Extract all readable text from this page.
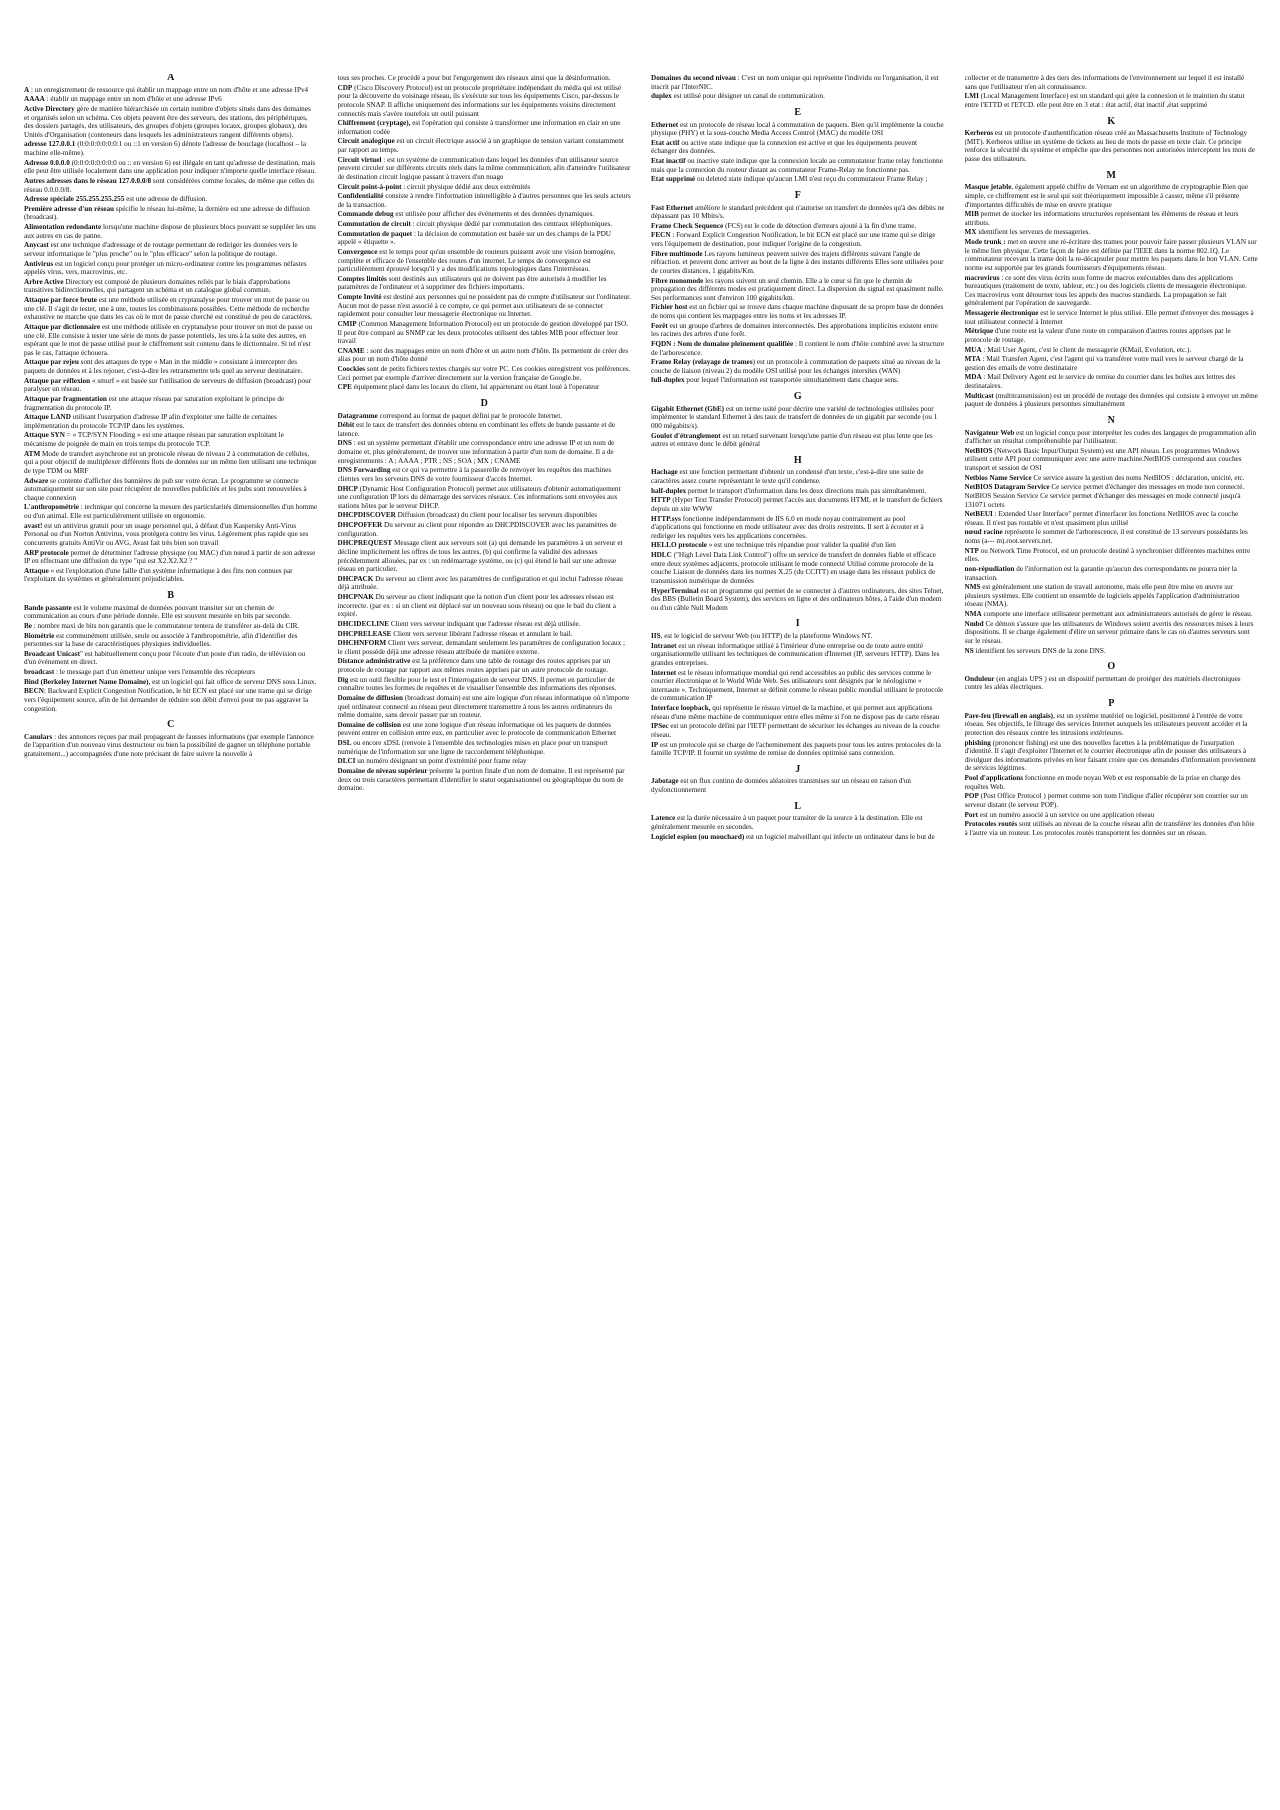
A
A : un enregistrement de ressource qui établir un mappage entre un nom d'hôte et une adresse IPv4
AAAA : établir un mappage entre un nom d'hôte et une adresse IPv6
Active Directory gère de manière hiérarchisée un certain nombre d'objets situés dans des domaines et organisés selon un schéma. Ces objets peuvent être des serveurs, des stations, des périphériques, des dossiers partagés, des utilisateurs, des groupes d'objets (groupes locaux, groupes globaux), des Unités d'Organisation (conteneurs dans lesquels les administrateurs rangent différents objets).
adresse 127.0.0.1 (0:0:0:0:0:0:0:1 ou ::1 en version 6) dénote l'adresse de bouclage (localhost – la machine elle-même).
Adresse 0.0.0.0 (0:0:0:0:0:0:0:0 ou :: en version 6) est illégale en tant qu'adresse de destination, mais elle peut être utilisée localement dans une application pour indiquer n'importe quelle interface réseau.
Autres adresses dans le réseau 127.0.0.0/8 sont considérées comme locales, de même que celles du réseau 0.0.0.0/8.
Adresse spéciale 255.255.255.255 est une adresse de diffusion.
Première adresse d'un réseau spécifie le réseau lui-même, la dernière est une adresse de diffusion (broadcast).
Alimentation redondante lorsqu'une machine dispose de plusieurs blocs pouvant se suppléer les uns aux autres en cas de panne.
Anycast est une technique d'adressage et de routage permettant de rediriger les données vers le serveur informatique le "plus proche" ou le "plus efficace" selon la politique de routage.
Antivirus est un logiciel conçu pour protéger un micro-ordinateur contre les programmes néfastes appelés virus, vers, macrovirus, etc.
Arbre Active Directory est composé de plusieurs domaines reliés par le biais d'approbations transitives bidirectionnelles, qui partagent un schéma et un catalogue global commun.
Attaque par force brute est une méthode utilisée en cryptanalyse pour trouver un mot de passe ou une clé. Il s'agit de tester, une à une, toutes les combinaisons possibles. Cette méthode de recherche exhaustive ne marche que dans les cas où le mot de passe cherché est constitué de peu de caractères.
Attaque par dictionnaire est une méthode utilisée en cryptanalyse pour trouver un mot de passe ou une clé. Elle consiste à tester une série de mots de passe potentiels, les uns à la suite des autres, en espérant que le mot de passe utilisé pour le chiffrement soit contenu dans le dictionnaire. Si tel n'est pas le cas, l'attaque échouera.
Attaque par rejeu sont des attaques de type « Man in the middle » consistant à intercepter des paquets de données et à les rejouer, c'est-à-dire les retransmettre tels quel au serveur destinataire.
Attaque par réflexion « smurf » est basée sur l'utilisation de serveurs de diffusion (broadcast) pour paralyser un réseau.
Attaque par fragmentation est une attaque réseau par saturation exploitant le principe de fragmentation du protocole IP.
Attaque LAND utilisant l'usurpation d'adresse IP afin d'exploiter une faille de certaines implémentation du protocole TCP/IP dans les systèmes.
Attaque SYN = « TCP/SYN Flooding » est une attaque réseau par saturation exploitant le mécanisme de poignée de main en trois temps du protocole TCP.
ATM Mode de transfert asynchrone est un protocole réseau de niveau 2 à commutation de cellules, qui a pour objectif de multiplexer différents flots de données sur un même lien utilisant une technique de type TDM ou MRF
Adware se contente d'afficher des bannières de pub sur votre écran. Le programme se connecte automatiquement sur son site pour récupérer de nouvelles publicités et les pubs sont renouvelées à chaque connexion
L'anthropométrie : technique qui concerne la mesure des particularités dimensionnelles d'un homme ou d'un animal. Elle est particulièrement utilisée en ergonomie.
avast! est un antivirus gratuit pour un usage personnel qui, à défaut d'un Kaspersky Anti-Virus Personal ou d'un Norton Antivirus, vous protégera contre les virus. Légèrement plus rapide que ses concurrents gratuits AntiVir ou AVG, Avast fait très bien son travail
ARP protocole permet de déterminer l'adresse physique (ou MAC) d'un nœud à partir de son adresse IP en effectuant une diffusion du type "qui est X2.X2.X2 ? "
Attaque « est l'exploitation d'une faille d'un système informatique à des fins non connues par l'exploitant du systèmes et généralement préjudiciables.
B
Bande passante est le volume maximal de données pouvant transiter sur un chemin de communication au cours d'une période donnée. Elle est souvent mesurée en bits par seconde.
Be : nombre maxi de bits non garantis que le commutateur tentera de transférer au-delà du CIR.
Biométrie est communément utilisée, seule ou associée à l'anthropométrie, afin d'identifier des personnes sur la base de caractéristiques physiques individuelles.
Broadcast Unicast" est habituellement conçu pour l'écoute d'un poste d'un radio, de télévision ou d'un événement en direct.
broadcast : le message part d'un émetteur unique vers l'ensemble des récepteurs
Bind (Berkeley Internet Name Domaine), est un logiciel qui fait office de serveur DNS sous Linux.
BECN: Backward Explicit Congestion Notification, le bit ECN est placé sur une trame qui se dirige vers l'équipement source, afin de lui demander de réduire son débit d'envoi pour ne pas aggraver la congestion.
C
Canulars : des annonces reçues par mail propageant de fausses informations (par exemple l'annonce de l'apparition d'un nouveau virus destructeur ou bien la possibilité de gagner un téléphone portable gratuitement...) accompagnées d'une note précisant de faire suivre la nouvelle à
tous ses proches. Ce procédé a pour but l'engorgement des réseaux ainsi que la désinformation.
CDP (Cisco Discovery Protocol) est un protocole propriétaire indépendant du média qui est utilisé pour la découverte du voisinage réseau, ils s'exécute sur tous les équipements Cisco, par-dessus le protocole SNAP. Il affiche uniquement des informations sur les équipements voisins directement connectés mais s'avère toutefois un outil puissant
Chiffrement (cryptage), est l'opération qui consiste à transformer une information en clair en une information codée
Circuit analogique est un circuit électrique associé à un graphique de tension variant constamment par rapport au temps.
Circuit virtuel : est un système de communication dans lequel les données d'un utilisateur source peuvent circuler sur différents circuits réels dans la même communication, afin d'atteindre l'utilisateur de destination circuit logique passant à travers d'un nuage
Circuit point-à-point : circuit physique dédié aux deux extrémités
Confidentialité consiste à rendre l'information inintelligible à d'autres personnes que les seuls acteurs de la transaction.
Commande debug est utilisée pour afficher des événements et des données dynamiques.
Commutation de circuit : circuit physique dédié par commutation des centraux téléphoniques.
Commutation de paquet : la décision de commutation est basée sur un des champs de la PDU appelé « étiquette ».
Convergence est le temps pour qu'un ensemble de routeurs puissent avoir une vision homogène, complète et efficace de l'ensemble des routes d'un internet. Le temps de convergence est particulièrement éprouvé lorsqu'il y a des modifications topologiques dans l'interréseau.
Comptes limités sont destinés aux utilisateurs qui ne doivent pas être autorisés à modifier les paramètres de l'ordinateur et à supprimer des fichiers importants.
Compte Invité est destiné aux personnes qui ne possèdent pas de compte d'utilisateur sur l'ordinateur. Aucun mot de passe n'est associé à ce compte, ce qui permet aux utilisateurs de se connecter rapidement pour consulter leur messagerie électronique ou Internet.
CMIP (Common Management Information Protocol) est un protocole de gestion développé par ISO. Il peut être comparé au SNMP car les deux protocoles utilisent des tables MIB pour effectuer leur travail
CNAME : sont des mappages entre un nom d'hôte et un autre nom d'hôte. Ils permettent de créer des alias pour un nom d'hôte donné
Coockies sont de petits fichiers textes chargés sur votre PC. Ces cookies enregistrent vos préférences. Ceci permet par exemple d'arriver directement sur la version française de Google.be.
CPE équipement placé dans les locaux du client, lui appartenant ou étant loué à l'operateur
D
Datagramme correspond au format de paquet défini par le protocole Internet.
Débit est le taux de transfert des données obtenu en combinant les effets de bande passante et de latence.
DNS : est un système permettant d'établir une correspondance entre une adresse IP et un nom de domaine et, plus généralement, de trouver une information à partir d'un nom de domaine. Il a de enregistrements : A ; AAAA ; PTR ; NS ; SOA ; MX ; CNAME
DNS Forwarding est ce qui va permettre à la passerelle de renvoyer les requêtes des machines clientes vers les serveurs DNS de votre fournisseur d'accès Internet.
DHCP (Dynamic Host Configuration Protocol) permet aux utilisateurs d'obtenir automatiquement une configuration IP lors du démarrage des services réseaux. Ces informations sont envoyées aux stations hôtes par le serveur DHCP.
DHCPDISCOVER Diffusion (broadcast) du client pour localiser les serveurs disponibles
DHCPOFFER Du serveur au client pour répondre au DHCPDISCOVER avec les paramètres de configuration.
DHCPREQUEST Message client aux serveurs soit (a) qui demande les paramètres à un serveur et décline implicitement les offres de tous les autres, (b) qui confirme la validité des adresses précédemment allouées, par ex : un redémarrage système, ou (c) qui étend le bail sur une adresse réseau en particulier.
DHCPACK Du serveur au client avec les paramètres de configuration et qui inclut l'adresse réseau déjà attribuée.
DHCPNAK Du serveur au client indiquant que la notion d'un client pour les adresses réseau est incorrecte. (par ex : si un client est déplacé sur un nouveau sous réseau) ou que le bail du client a expiré.
DHCIDECLINE Client vers serveur indiquant que l'adresse réseau est déjà utilisée.
DHCPRELEASE Client vers serveur libérant l'adresse réseau et annulant le bail.
DHCHNFORM Client vers serveur, demandant seulement les paramètres de configuration locaux ; le client possède déjà une adresse réseau attribuée de manière externe.
Distance administrative est la préférence dans une table de routage des routes apprises par un protocole de routage par rapport aux mêmes routes apprises par un autre protocole de routage.
Dig est un outil flexible pour le test et l'interrogation de serveur DNS. Il permet en particulier de connaître toutes les formes de requêtes et de visualiser l'ensemble des informations des réponses.
Domaine de diffusion (broadcast domain) est une aire logique d'un réseau informatique où n'importe quel ordinateur connecté au réseau peut directement transmettre à tous les autres ordinateurs du même domaine, sans devoir passer par un routeur.
Domaine de collision est une zone logique d'un réseau informatique où les paquets de données peuvent entrer en collision entre eux, en particulier avec le protocole de communication Ethernet
DSL ou encore xDSL (renvoie à l'ensemble des technologies mises en place pour un transport numérique de l'information sur une ligne de raccordement téléphonique.
DLCI un numéro désignant un point d'extrémité pour frame relay
Domaine de niveau supérieur présente la portion finale d'un nom de domaine. Il est représenté par deux ou trois caractères permettant d'identifier le statut organisationnel ou géographique du nom de domaine.
Domaines du second niveau : C'est un nom unique qui représente l'individu ou l'organisation, il est inscrit par l'InterNIC.
duplex est utilisé pour désigner un canal de communication.
E
Ethernet est un protocole de réseau local à commutation de paquets. Bien qu'il implémente la couche physique (PHY) et la sous-couche Media Access Control (MAC) du modèle OSI
Etat actif ou active state indique que la connexion est active et que les équipements peuvent échanger des données.
Etat inactif ou inactive state indique que la connexion locale au commutateur frame relay fonctionne mais que la connexion du routeur distant au commutateur Frame-Relay ne fonctionne pas.
Etat supprimé ou deleted state indique qu'aucun LMI n'est reçu du commutateur Frame Relay ;
F
Fast Ethernet améliore le standard précédent qui n'autorise un transfert de données qu'à des débits ne dépassant pas 10 Mbits/s.
Frame Check Sequence (FCS) est le code de détection d'erreurs ajouté à la fin d'une trame.
FECN : Forward Explicit Congestion Notification, le bit ECN est placé sur une trame qui se dirige vers l'équipement de destination, pour indiquer l'origine de la congestion.
Fibre multimode Les rayons lumineux peuvent suivre des trajets différents suivant l'angle de réfraction. et peuvent donc arriver au bout de la ligne à des instants différents Elles sont utilisées pour de courtes distances, 1 gigabits/Km.
Fibre monomode les rayons suivent un seul chemin. Elle a le cœur si fin que le chemin de propagation des différents modes est pratiquement direct. La dispersion du signal est quasiment nulle. Ses performances sont d'environ 100 gigabits/km.
Fichier host est un fichier qui se trouve dans chaque machine disposant de sa propre base de données de noms qui contient les mappages entre les noms et les adresses IP.
Forêt est un groupe d'arbres de domaines interconnectés. Des approbations implicites existent entre les racines des arbres d'une forêt.
FQDN : Nom de domaine pleinement qualifiée : Il contient le nom d'hôte combiné avec la structure de l'arborescence.
Frame Relay (relayage de trames) est un protocole à commutation de paquets situé au niveau de la couche de liaison (niveau 2) du modèle OSI utilisé pour les échanges intersites (WAN)
full-duplex pour lequel l'information est transportée simultanément dans chaque sens.
G
Gigabit Ethernet (GbE) est un terme usité pour décrire une variété de technologies utilisées pour implémenter le standard Ethernet à des taux de transfert de données de un gigabit par seconde (ou 1 000 mégabits/s).
Goulot d'étranglement est un retard survenant lorsqu'une partie d'un réseau est plus lente que les autres et entrave donc le débit général
H
Hachage est une fonction permettant d'obtenir un condensé d'un texte, c'est-à-dire une suite de caractères assez courte représentant le texte qu'il condense.
half-duplex permet le transport d'information dans les deux directions mais pas simultanément.
HTTP (Hyper Text Transfer Protocol) permet l'accès aux documents HTML et le transfert de fichiers depuis un site WWW
HTTP.sys fonctionne indépendamment de IIS 6.0 en mode noyau contrairement au pool d'applications qui fonctionne en mode utilisateur avec des droits restreints. Il sert à écouter et à rediriger les requêtes vers les applications concernées.
HELLO protocole » est une technique très répandue pour valider la qualité d'un lien
HDLC ("High Level Data Link Control") offre un service de transfert de données fiable et efficace entre deux systèmes adjacents, protocole utilisant le mode connecté Utilisé comme protocole de la couche Liaison de données dans les normes X.25 (du CCITT) en usage dans les réseaux publics de transmission numérique de données
HyperTerminal est un programme qui permet de se connecter à d'autres ordinateurs, des sites Telnet, des BBS (Bulletin Board System), des services en ligne et des ordinateurs hôtes, à l'aide d'un modem ou d'un câble Null Modem
I
IIS, est le logiciel de serveur Web (ou HTTP) de la plateforme Windows NT.
Intranet est un réseau informatique utilisé à l'intérieur d'une entreprise ou de toute autre entité organisationnelle utilisant les techniques de communication d'Internet (IP, serveurs HTTP). Dans les grandes entreprises.
Internet est le réseau informatique mondial qui rend accessibles au public des services comme le courrier électronique et le World Wide Web. Ses utilisateurs sont désignés par le néologisme « internaute ». Techniquement, Internet se définit comme le réseau public mondial utilisant le protocole de communication IP
Interface loopback, qui représente le réseau virtuel de la machine, et qui permet aux applications réseau d'une même machine de communiquer entre elles même si l'on ne dispose pas de carte réseau
IPSec est un protocole défini par l'IETF permettant de sécuriser les échanges au niveau de la couche réseau.
IP est un protocole qui se charge de l'acheminement des paquets pour tous les autres protocoles de la famille TCP/IP. Il fournit un système de remise de données optimisé sans connexion.
J
Jabotage est un flux continu de données aléatoires transmises sur un réseau en raison d'un dysfonctionnement
L
Latence est la durée nécessaire à un paquet pour transiter de la source à la destination. Elle est généralement mesurée en secondes.
Logiciel espion (ou mouchard) est un logiciel malveillant qui infecte un ordinateur dans le but de
collecter et de transmettre à des tiers des informations de l'environnement sur lequel il est installé sans que l'utilisateur n'en ait connaissance.
LMI (Local Management Interface) est un standard qui gère la connexion et le maintien du statut entre l'ETTD et l'ETCD. elle peut être en 3 etat : état actif, état inactif ,état supprimé
K
Kerberos est un protocole d'authentification réseau créé au Massachusetts Institute of Technology (MIT). Kerberos utilise un système de tickets au lieu de mots de passe en texte clair. Ce principe renforce la sécurité du système et empêche que des personnes non autorisées interceptent les mots de passe des utilisateurs.
M
Masque jetable, également appelé chiffre de Vernam est un algorithme de cryptographie Bien que simple, ce chiffrement est le seul qui soit théoriquement impossible à casser, même s'il présente d'importantes difficultés de mise en œuvre pratique
MIB permet de stocker les informations structurées représentant les éléments de réseau et leurs attributs.
MX identifient les serveurs de messageries.
Mode trunk : met en œuvre une ré-écriture des trames pour pouvoir faire passer plusieurs VLAN sur le même lien physique. Cette façon de faire est définie par l'IEEE dans la norme 802.1Q. Le commutateur recevant la trame doit la re-décapsuler pour mettre les paquets dans le bon VLAN. Cette norme est supportée par les grands fournisseurs d'équipements réseau.
macrovirus : ce sont des virus écrits sous forme de macros exécutables dans des applications bureautiques (traitement de texte, tableur, etc.) ou des logiciels clients de messagerie électronique. Ces macrovirus vont détourner tous les appels des macros standards. La propagation se fait généralement par l'opération de sauvegarde.
Messagerie électronique est le service Internet le plus utilisé. Elle permet d'envoyer des messages à tout utilisateur connecté à Internet
Métrique d'une route est la valeur d'une route en comparaison d'autres routes apprises par le protocole de routage.
MUA : Mail User Agent, c'est le client de messagerie (KMail, Evolution, etc.).
MTA : Mail Transfert Agent, c'est l'agent qui va transférer votre mail vers le serveur chargé de la gestion des emails de votre destinataire
MDA : Mail Delivery Agent est le service de remise du courrier dans les boîtes aux lettres des destinataires.
Multicast (multitransmission) est un procédé de routage des données qui consiste à envoyer un même paquet de données à plusieurs personnes simultanément
N
Navigateur Web est un logiciel conçu pour interpréter les codes des langages de programmation afin d'afficher un résultat compréhensible par l'utilisateur.
NetBIOS (Network Basic Input/Output System) est une API réseau. Les programmes Windows utilisent cette API pour communiquer avec une autre machine.NetBIOS correspond aux couches transport et session de OSI
Netbios Name Service Ce service assure la gestion des noms NetBIOS : déclaration, unicité, etc.
NetBIOS Datagram Service Ce service permet d'échanger des messages en mode non connecté. NetBIOS Session Service Ce service permet d'échanger des messages en mode connecté jusqu'à 131071 octets
NetBEUI : Extended User Interface" permet d'interfacer les fonctions NetBIOS avec la couche réseau. Il n'est pas routable et n'est quasiment plus utilisé
nœud racine représente le sommet de l'arborescence, il est constitué de 13 serveurs possédants les noms (a--- m).root.servers.net.
NTP ou Network Time Protocol, est un protocole destiné à synchroniser différentes machines entre elles.
non-répudiation de l'information est la garantie qu'aucun des correspondants ne pourra nier la transaction.
NMS est généralement une station de travail autonome, mais elle peut être mise en œuvre sur plusieurs systèmes. Elle contient un ensemble de logiciels appelés l'application d'administration réseau (NMA).
NMA comporte une interface utilisateur permettant aux administrateurs autorisés de gérer le réseau.
Nmbd Ce démon s'assure que les utilisateurs de Windows soient avertis des ressources mises à leurs dispositions. Il se charge également d'élire un serveur primaire dans le cas où d'autres serveurs sont sur le réseau.
NS identifient les serveurs DNS de la zone DNS.
O
Onduleur (en anglais UPS ) est un dispositif permettant de protéger des matériels électroniques contre les aléas électriques.
P
Pare-feu (firewall en anglais), est un système matériel ou logiciel, positionné à l'entrée de votre réseau. Ses objectifs, le filtrage des services Internet auxquels les utilisateurs peuvent accéder et la protection des réseaux contre les intrusions extérieures.
phishing (prononcer fishing) est une des nouvelles facettes à la problématique de l'usurpation d'identité. Il s'agit d'exploiter l'Internet et le courrier électronique afin de pousser des utilisateurs à divulguer des informations privées en leur faisant croire que ces demandes d'information proviennent de services légitimes.
Pool d'applications fonctionne en mode noyau Web et est responsable de la prise en charge des requêtes Web.
POP (Post Office Protocol ) permet comme son nom l'indique d'aller récupérer son courrier sur un serveur distant (le serveur POP).
Port est un numéro associé à un service ou une application réseau
Protocoles routés sont utilisés au niveau de la couche réseau afin de transférer les données d'un hôte à l'autre via un routeur. Les protocoles routés transportent les données sur un réseau.
